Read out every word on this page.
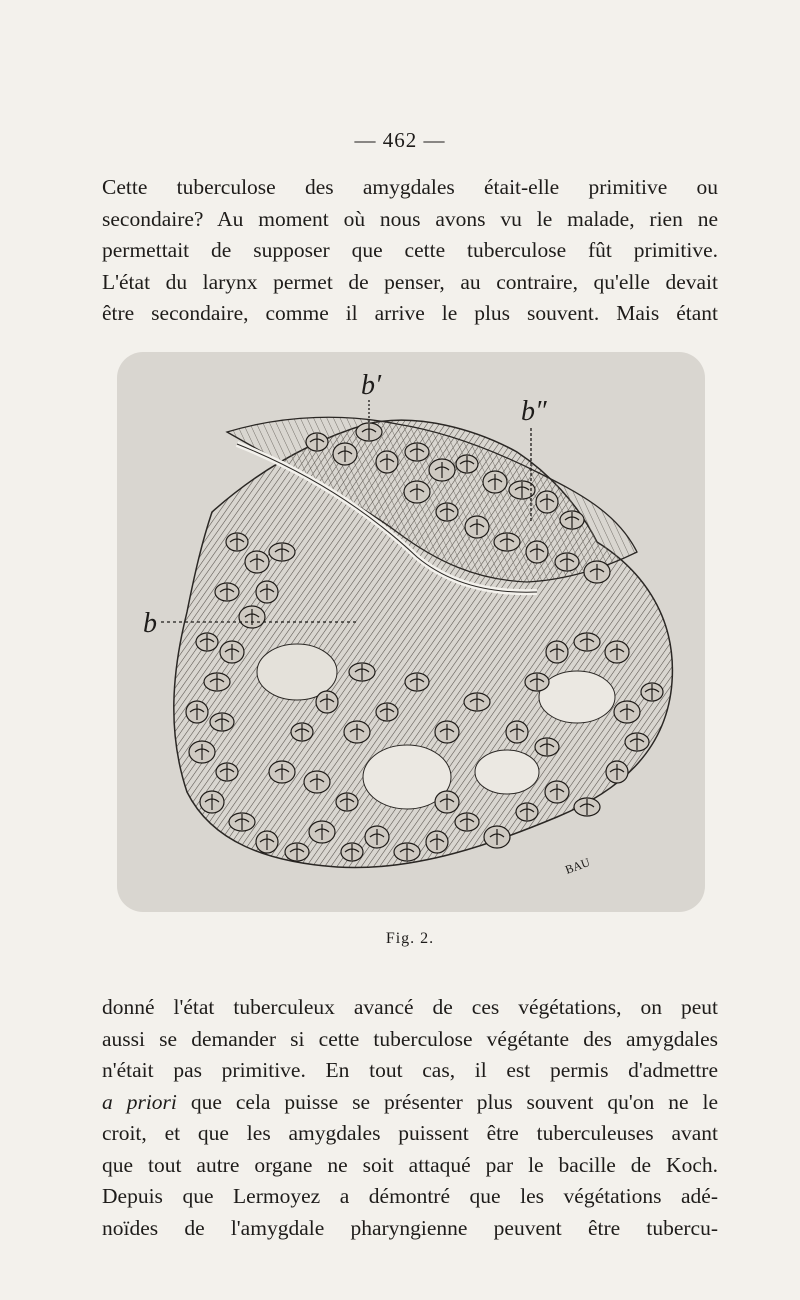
— 462 —
Cette tuberculose des amygdales était-elle primitive ou
secondaire? Au moment où nous avons vu le malade, rien ne
permettait de supposer que cette tuberculose fût primitive.
L'état du larynx permet de penser, au contraire, qu'elle devait
être secondaire, comme il arrive le plus souvent. Mais étant
b′
b″
b
BAU
Fig. 2.
donné l'état tuberculeux avancé de ces végétations, on peut
aussi se demander si cette tuberculose végétante des amygdales
n'était pas primitive. En tout cas, il est permis d'admettre
a priori que cela puisse se présenter plus souvent qu'on ne le
croit, et que les amygdales puissent être tuberculeuses avant
que tout autre organe ne soit attaqué par le bacille de Koch.
Depuis que Lermoyez a démontré que les végétations adé-
noïdes de l'amygdale pharyngienne peuvent être tubercu-
